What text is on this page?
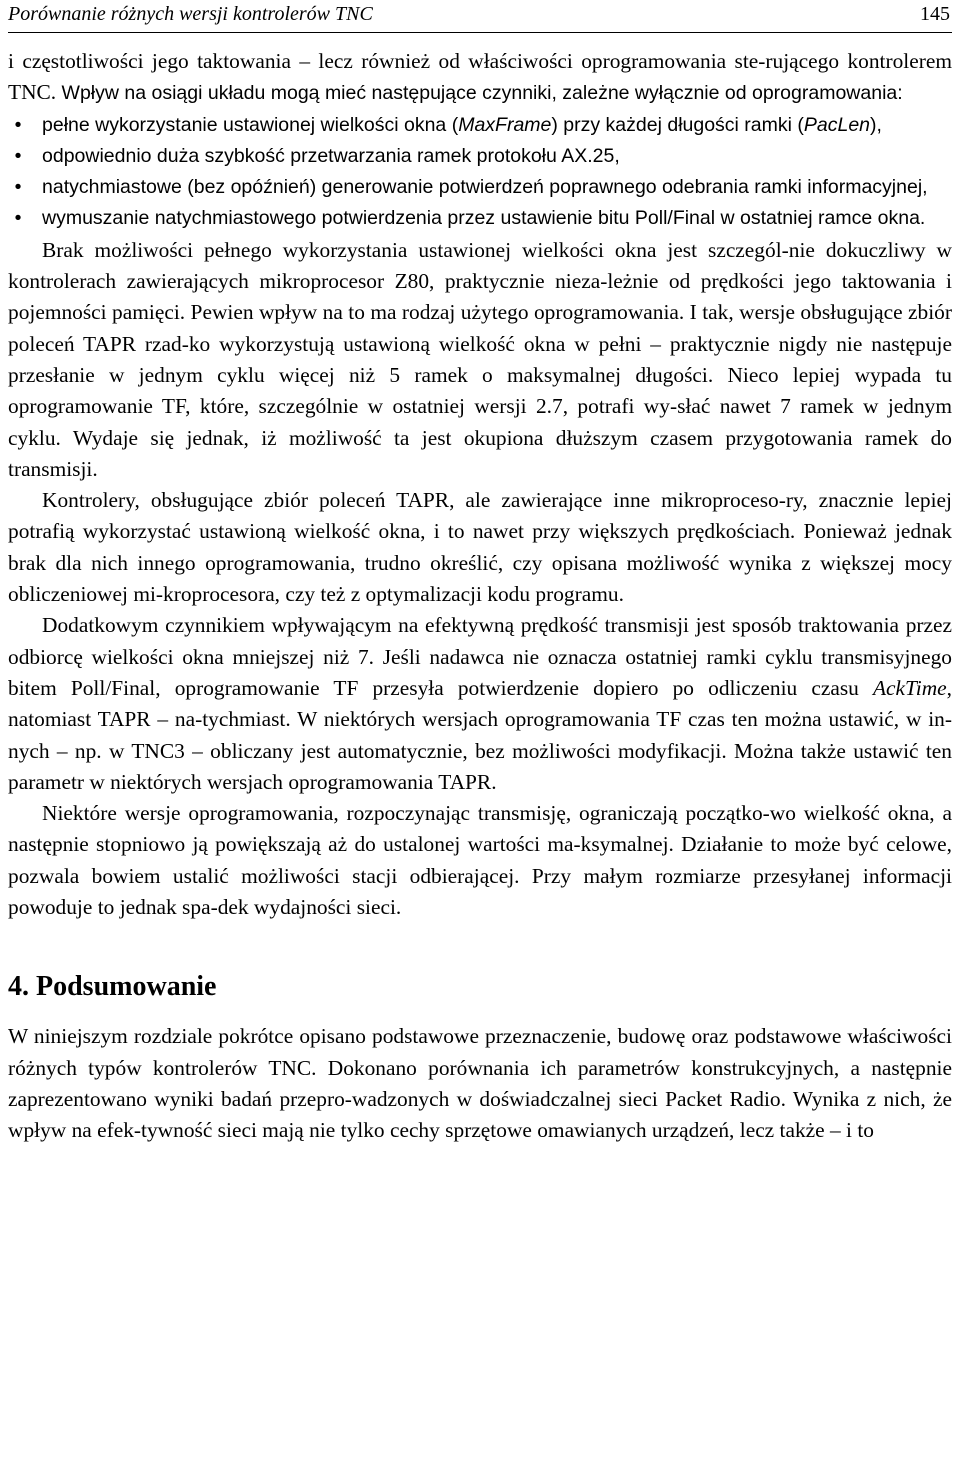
Porównanie różnych wersji kontrolerów TNC	145

i częstotliwości jego taktowania – lecz również od właściwości oprogramowania ste-rującego kontrolerem TNC. Wpływ na osiągi układu mogą mieć następujące czynniki, zależne wyłącznie od oprogramowania:

•	pełne wykorzystanie ustawionej wielkości okna (MaxFrame) przy każdej długości ramki (PacLen),
•	odpowiednio duża szybkość przetwarzania ramek protokołu AX.25,
•	natychmiastowe (bez opóźnień) generowanie potwierdzeń poprawnego odebrania ramki informacyjnej,
•	wymuszanie natychmiastowego potwierdzenia przez ustawienie bitu Poll/Final w ostatniej ramce okna.

Brak możliwości pełnego wykorzystania ustawionej wielkości okna jest szczegól-nie dokuczliwy w kontrolerach zawierających mikroprocesor Z80, praktycznie nieza-leżnie od prędkości jego taktowania i pojemności pamięci. Pewien wpływ na to ma rodzaj użytego oprogramowania. I tak, wersje obsługujące zbiór poleceń TAPR rzad-ko wykorzystują ustawioną wielkość okna w pełni – praktycznie nigdy nie następuje przesłanie w jednym cyklu więcej niż 5 ramek o maksymalnej długości. Nieco lepiej wypada tu oprogramowanie TF, które, szczególnie w ostatniej wersji 2.7, potrafi wy-słać nawet 7 ramek w jednym cyklu. Wydaje się jednak, iż możliwość ta jest okupiona dłuższym czasem przygotowania ramek do transmisji.

Kontrolery, obsługujące zbiór poleceń TAPR, ale zawierające inne mikroproceso-ry, znacznie lepiej potrafią wykorzystać ustawioną wielkość okna, i to nawet przy większych prędkościach. Ponieważ jednak brak dla nich innego oprogramowania, trudno określić, czy opisana możliwość wynika z większej mocy obliczeniowej mi-kroprocesora, czy też z optymalizacji kodu programu.

Dodatkowym czynnikiem wpływającym na efektywną prędkość transmisji jest sposób traktowania przez odbiorcę wielkości okna mniejszej niż 7. Jeśli nadawca nie oznacza ostatniej ramki cyklu transmisyjnego bitem Poll/Final, oprogramowanie TF przesyła potwierdzenie dopiero po odliczeniu czasu AckTime, natomiast TAPR – na-tychmiast. W niektórych wersjach oprogramowania TF czas ten można ustawić, w in-nych – np. w TNC3 – obliczany jest automatycznie, bez możliwości modyfikacji. Można także ustawić ten parametr w niektórych wersjach oprogramowania TAPR.

Niektóre wersje oprogramowania, rozpoczynając transmisję, ograniczają początko-wo wielkość okna, a następnie stopniowo ją powiększają aż do ustalonej wartości ma-ksymalnej. Działanie to może być celowe, pozwala bowiem ustalić możliwości stacji odbierającej. Przy małym rozmiarze przesyłanej informacji powoduje to jednak spa-dek wydajności sieci.

4. Podsumowanie

W niniejszym rozdziale pokrótce opisano podstawowe przeznaczenie, budowę oraz podstawowe właściwości różnych typów kontrolerów TNC. Dokonano porównania ich parametrów konstrukcyjnych, a następnie zaprezentowano wyniki badań przepro-wadzonych w doświadczalnej sieci Packet Radio. Wynika z nich, że wpływ na efek-tywność sieci mają nie tylko cechy sprzętowe omawianych urządzeń, lecz także – i to
